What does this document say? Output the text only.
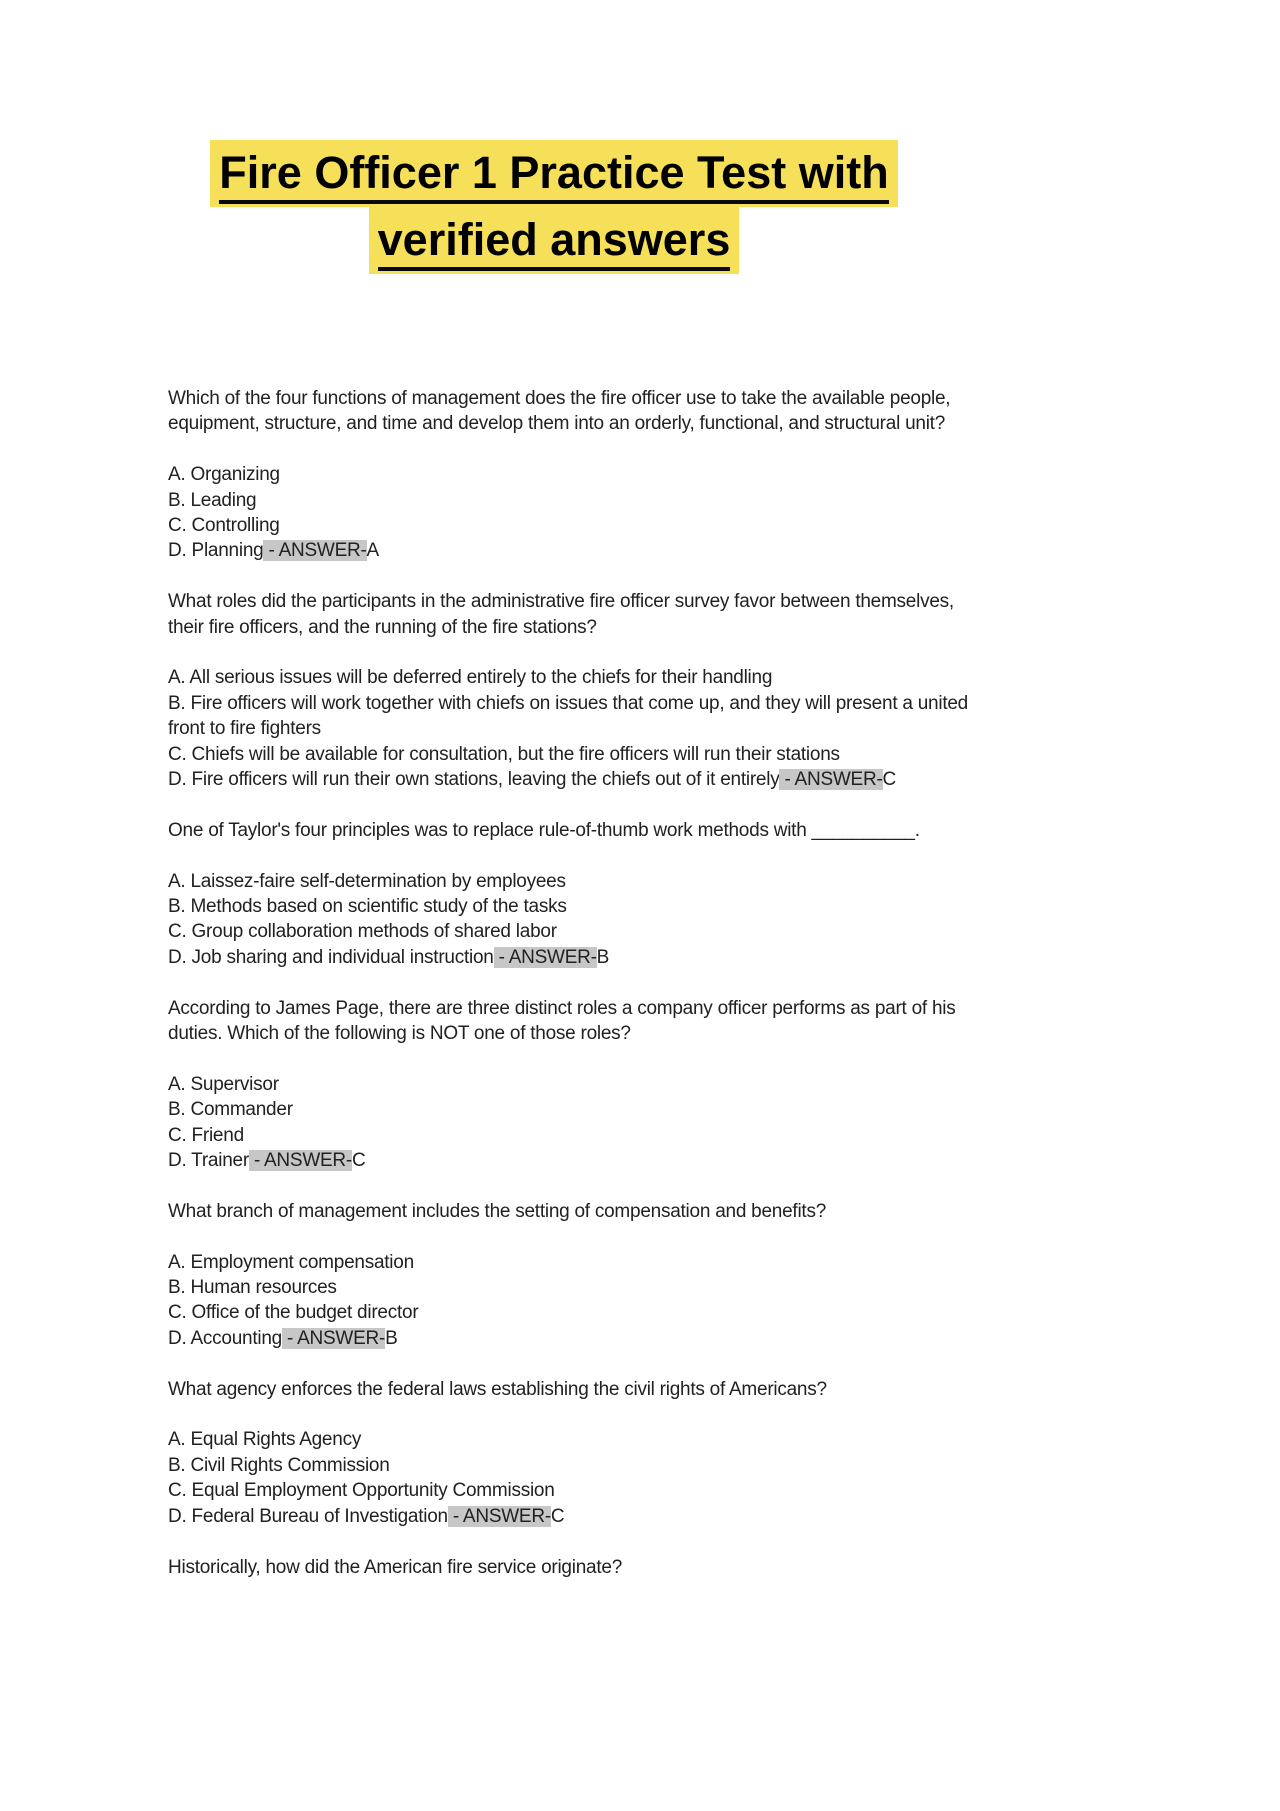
Fire Officer 1 Practice Test with
verified answers
Which of the four functions of management does the fire officer use to take the available people,
equipment, structure, and time and develop them into an orderly, functional, and structural unit?
A. Organizing
B. Leading
C. Controlling
D. Planning - ANSWER-A
What roles did the participants in the administrative fire officer survey favor between themselves,
their fire officers, and the running of the fire stations?
A. All serious issues will be deferred entirely to the chiefs for their handling
B. Fire officers will work together with chiefs on issues that come up, and they will present a united
front to fire fighters
C. Chiefs will be available for consultation, but the fire officers will run their stations
D. Fire officers will run their own stations, leaving the chiefs out of it entirely - ANSWER-C
One of Taylor's four principles was to replace rule-of-thumb work methods with __________.
A. Laissez-faire self-determination by employees
B. Methods based on scientific study of the tasks
C. Group collaboration methods of shared labor
D. Job sharing and individual instruction - ANSWER-B
According to James Page, there are three distinct roles a company officer performs as part of his
duties. Which of the following is NOT one of those roles?
A. Supervisor
B. Commander
C. Friend
D. Trainer - ANSWER-C
What branch of management includes the setting of compensation and benefits?
A. Employment compensation
B. Human resources
C. Office of the budget director
D. Accounting - ANSWER-B
What agency enforces the federal laws establishing the civil rights of Americans?
A. Equal Rights Agency
B. Civil Rights Commission
C. Equal Employment Opportunity Commission
D. Federal Bureau of Investigation - ANSWER-C
Historically, how did the American fire service originate?
